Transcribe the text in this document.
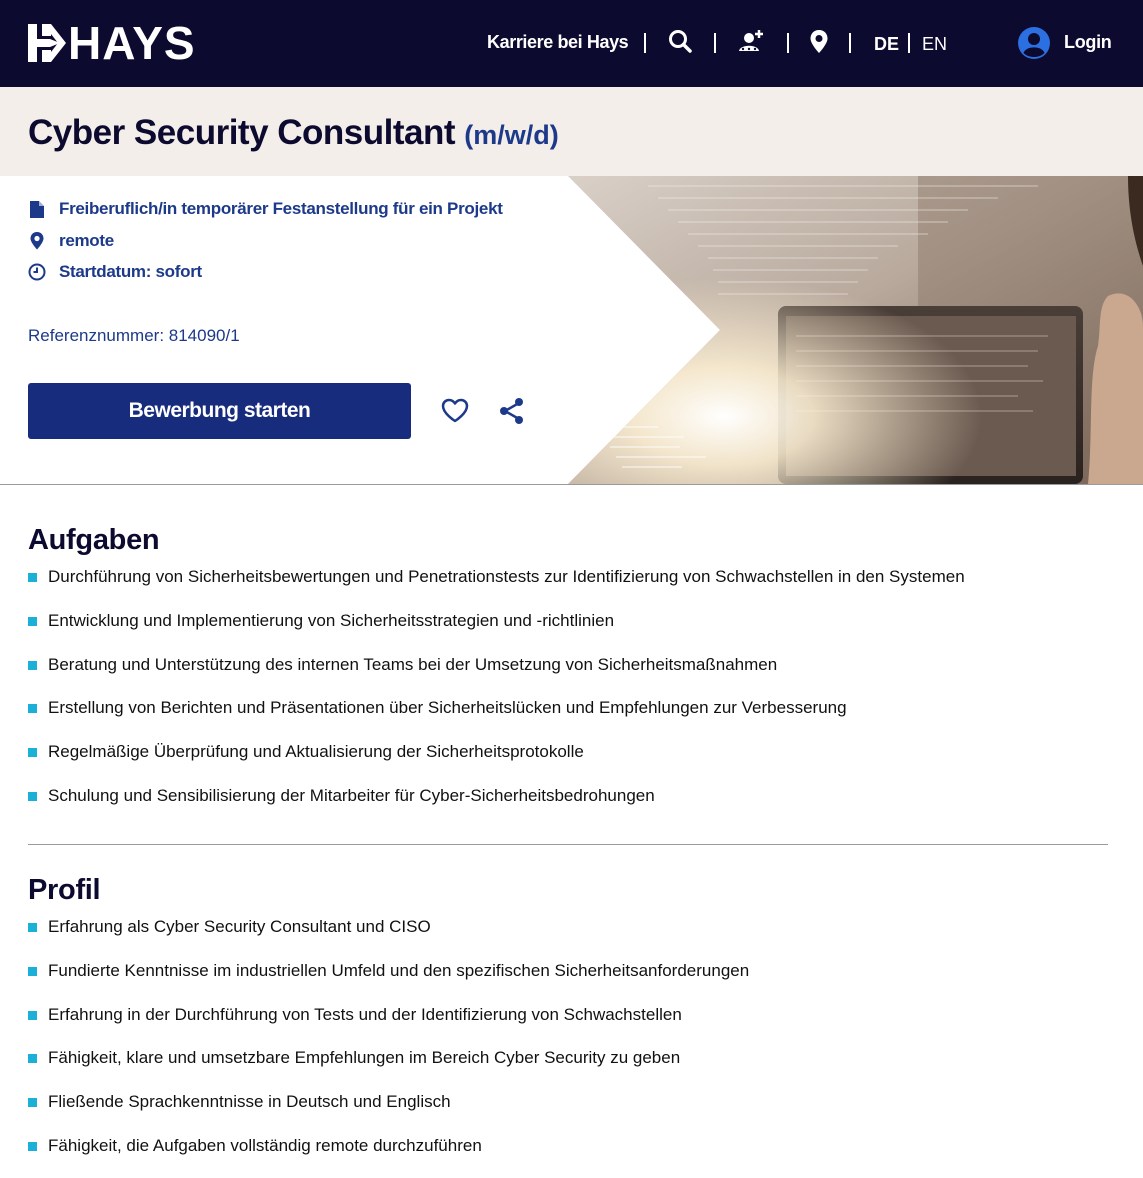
HAYS	Karriere bei Hays	DE EN	Login
Cyber Security Consultant (m/w/d)
Freiberuflich/in temporärer Festanstellung für ein Projekt
remote
Startdatum: sofort
Referenznummer: 814090/1
Bewerbung starten
Aufgaben
Durchführung von Sicherheitsbewertungen und Penetrationstests zur Identifizierung von Schwachstellen in den Systemen
Entwicklung und Implementierung von Sicherheitsstrategien und -richtlinien
Beratung und Unterstützung des internen Teams bei der Umsetzung von Sicherheitsmaßnahmen
Erstellung von Berichten und Präsentationen über Sicherheitslücken und Empfehlungen zur Verbesserung
Regelmäßige Überprüfung und Aktualisierung der Sicherheitsprotokolle
Schulung und Sensibilisierung der Mitarbeiter für Cyber-Sicherheitsbedrohungen
Profil
Erfahrung als Cyber Security Consultant und CISO
Fundierte Kenntnisse im industriellen Umfeld und den spezifischen Sicherheitsanforderungen
Erfahrung in der Durchführung von Tests und der Identifizierung von Schwachstellen
Fähigkeit, klare und umsetzbare Empfehlungen im Bereich Cyber Security zu geben
Fließende Sprachkenntnisse in Deutsch und Englisch
Fähigkeit, die Aufgaben vollständig remote durchzuführen
